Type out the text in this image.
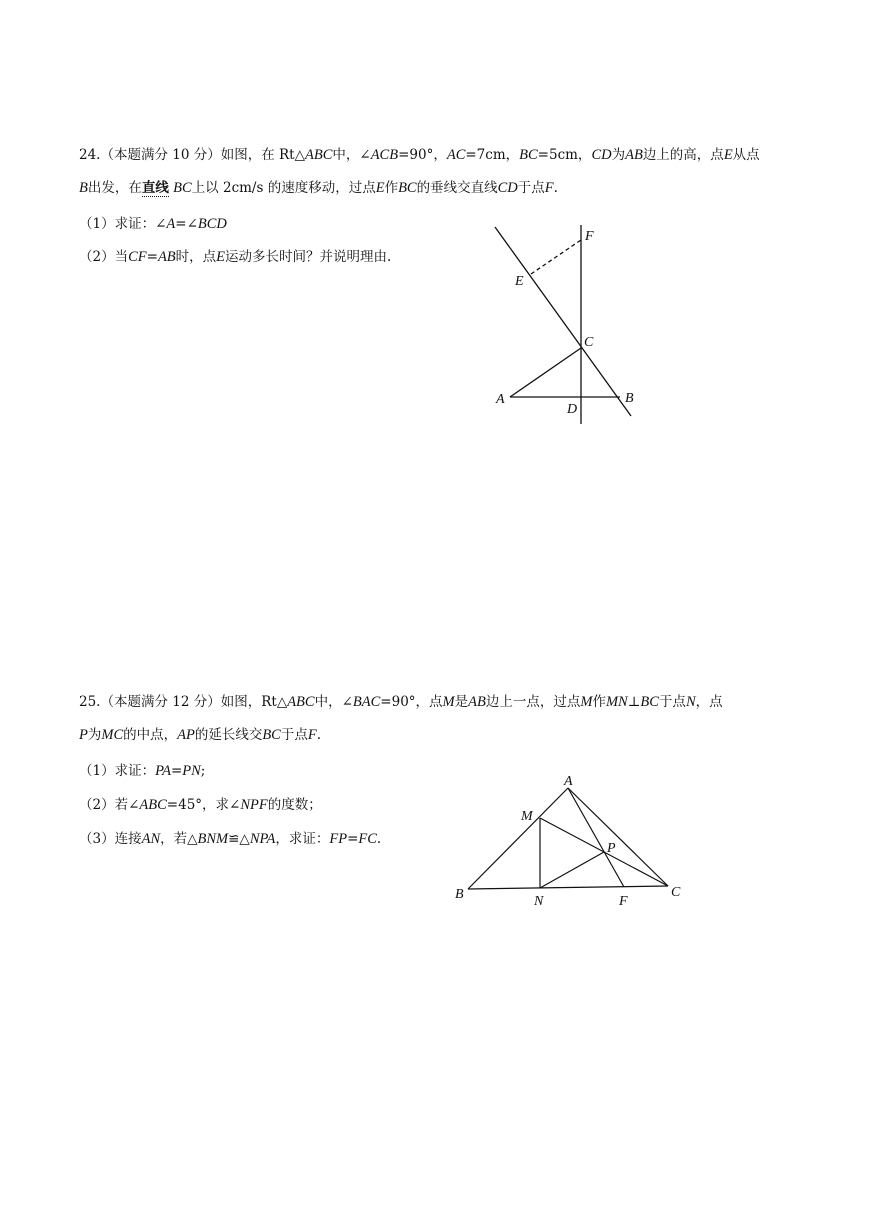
24.（本题满分 10 分）如图，在 Rt△ABC中，∠ACB=90°，AC=7cm，BC=5cm，CD为AB边上的高，点E从点
B出发，在直线 BC上以 2cm/s 的速度移动，过点E作BC的垂线交直线CD于点F.
（1）求证：∠A=∠BCD
（2）当CF=AB时，点E运动多长时间？并说明理由.
25.（本题满分 12 分）如图，Rt△ABC中，∠BAC=90°，点M是AB边上一点，过点M作MN⊥BC于点N，点
P为MC的中点，AP的延长线交BC于点F.
（1）求证：PA=PN;
（2）若∠ABC=45°，求∠NPF的度数；
（3）连接AN，若△BNM≌△NPA，求证：FP=FC.
F
E
C
A	B
D
A
M
P
B	N	F
C
